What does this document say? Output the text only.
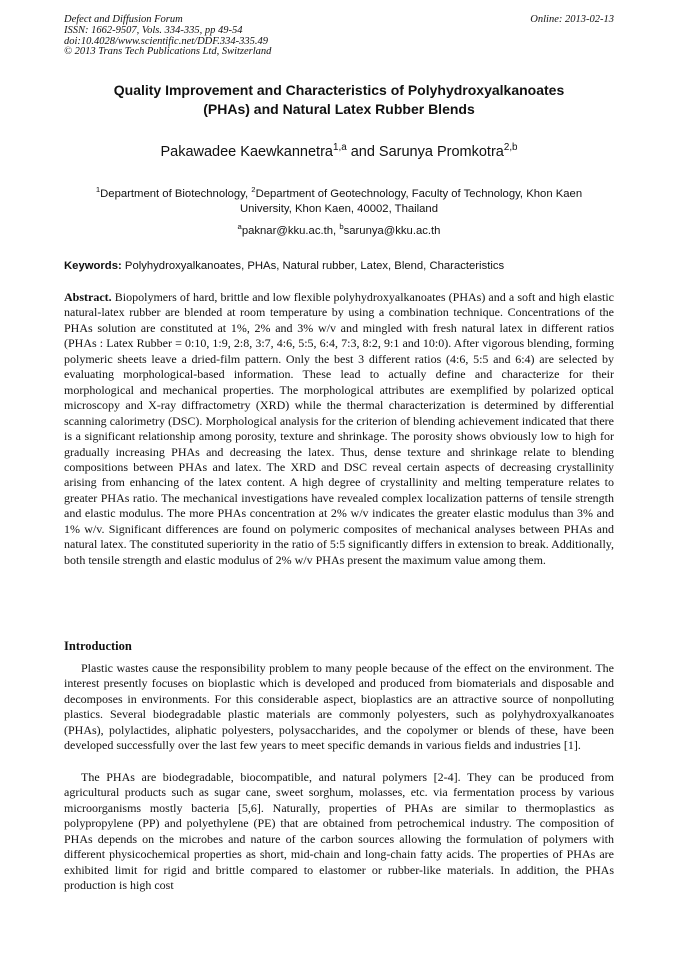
Defect and Diffusion Forum
ISSN: 1662-9507, Vols. 334-335, pp 49-54
doi:10.4028/www.scientific.net/DDF.334-335.49
© 2013 Trans Tech Publications Ltd, Switzerland
Online: 2013-02-13
Quality Improvement and Characteristics of Polyhydroxyalkanoates
(PHAs) and Natural Latex Rubber Blends
Pakawadee Kaewkannetra$^{1,a}$ and Sarunya Promkotra$^{2,b}$
$^1$Department of Biotechnology, $^2$Department of Geotechnology, Faculty of Technology, Khon Kaen
University, Khon Kaen, 40002, Thailand
$^a$paknar@kku.ac.th, $^b$sarunya@kku.ac.th
Keywords: Polyhydroxyalkanoates, PHAs, Natural rubber, Latex, Blend, Characteristics

Abstract. Biopolymers of hard, brittle and low flexible polyhydroxyalkanoates (PHAs) and a soft and high elastic natural-latex rubber are blended at room temperature by using a combination technique. Concentrations of the PHAs solution are constituted at 1%, 2% and 3% w/v and mingled with fresh natural latex in different ratios (PHAs : Latex Rubber = 0:10, 1:9, 2:8, 3:7, 4:6, 5:5, 6:4, 7:3, 8:2, 9:1 and 10:0). After vigorous blending, forming polymeric sheets leave a dried-film pattern. Only the best 3 different ratios (4:6, 5:5 and 6:4) are selected by evaluating morphological-based information. These lead to actually define and characterize for their morphological and mechanical properties. The morphological attributes are exemplified by polarized optical microscopy and X-ray diffractometry (XRD) while the thermal characterization is determined by differential scanning calorimetry (DSC). Morphological analysis for the criterion of blending achievement indicated that there is a significant relationship among porosity, texture and shrinkage. The porosity shows obviously low to high for gradually increasing PHAs and decreasing the latex. Thus, dense texture and shrinkage relate to blending compositions between PHAs and latex. The XRD and DSC reveal certain aspects of decreasing crystallinity arising from enhancing of the latex content. A high degree of crystallinity and melting temperature relates to greater PHAs ratio. The mechanical investigations have revealed complex localization patterns of tensile strength and elastic modulus. The more PHAs concentration at 2% w/v indicates the greater elastic modulus than 3% and 1% w/v. Significant differences are found on polymeric composites of mechanical analyses between PHAs and natural latex. The constituted superiority in the ratio of 5:5 significantly differs in extension to break. Additionally, both tensile strength and elastic modulus of 2% w/v PHAs present the maximum value among them.

Introduction

Plastic wastes cause the responsibility problem to many people because of the effect on the environment. The interest presently focuses on bioplastic which is developed and produced from biomaterials and disposable and decomposes in environments. For this considerable aspect, bioplastics are an attractive source of nonpolluting plastics. Several biodegradable plastic materials are commonly polyesters, such as polyhydroxyalkanoates (PHAs), polylactides, aliphatic polyesters, polysaccharides, and the copolymer or blends of these, have been developed successfully over the last few years to meet specific demands in various fields and industries [1].

The PHAs are biodegradable, biocompatible, and natural polymers [2-4]. They can be produced from agricultural products such as sugar cane, sweet sorghum, molasses, etc. via fermentation process by various microorganisms mostly bacteria [5,6]. Naturally, properties of PHAs are similar to thermoplastics as polypropylene (PP) and polyethylene (PE) that are obtained from petrochemical industry. The composition of PHAs depends on the microbes and nature of the carbon sources allowing the formulation of polymers with different physicochemical properties as short, mid-chain and long-chain fatty acids. The properties of PHAs are exhibited limit for rigid and brittle compared to elastomer or rubber-like materials. In addition, the PHAs production is high cost
